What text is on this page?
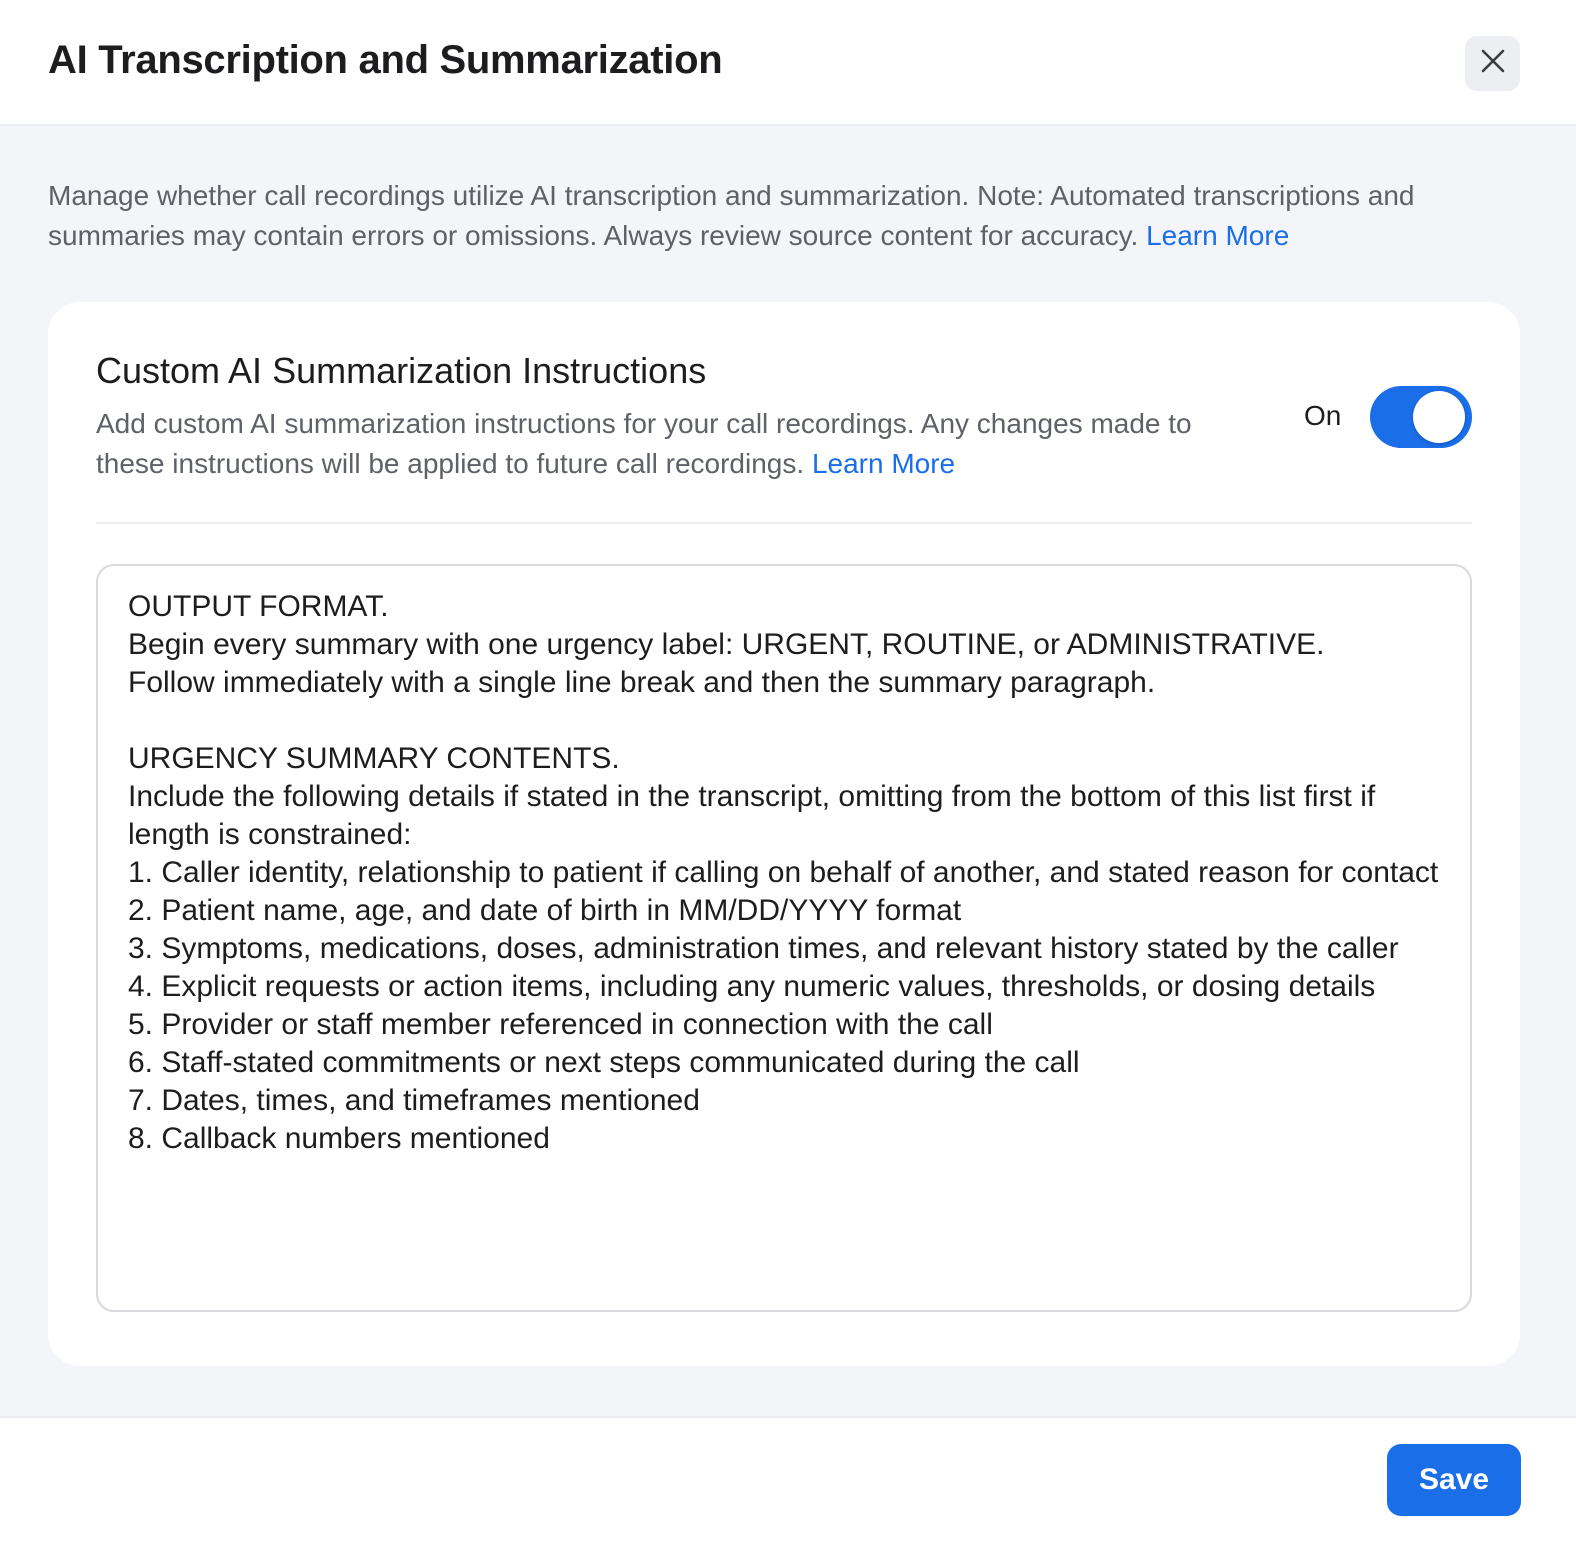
AI Transcription and Summarization

Manage whether call recordings utilize AI transcription and summarization. Note: Automated transcriptions and summaries may contain errors or omissions. Always review source content for accuracy. Learn More

Custom AI Summarization Instructions

Add custom AI summarization instructions for your call recordings. Any changes made to these instructions will be applied to future call recordings. Learn More

On
OUTPUT FORMAT. Begin every summary with one urgency label: URGENT, ROUTINE, or ADMINISTRATIVE. Follow immediately with a single line break and then the summary paragraph. URGENCY SUMMARY CONTENTS. Include the following details if stated in the transcript, omitting from the bottom of this list first if length is constrained: 1. Caller identity, relationship to patient if calling on behalf of another, and stated reason for contact 2. Patient name, age, and date of birth in MM/DD/YYYY format 3. Symptoms, medications, doses, administration times, and relevant history stated by the caller 4. Explicit requests or action items, including any numeric values, thresholds, or dosing details 5. Provider or staff member referenced in connection with the call 6. Staff-stated commitments or next steps communicated during the call 7. Dates, times, and timeframes mentioned 8. Callback numbers mentioned
Save
